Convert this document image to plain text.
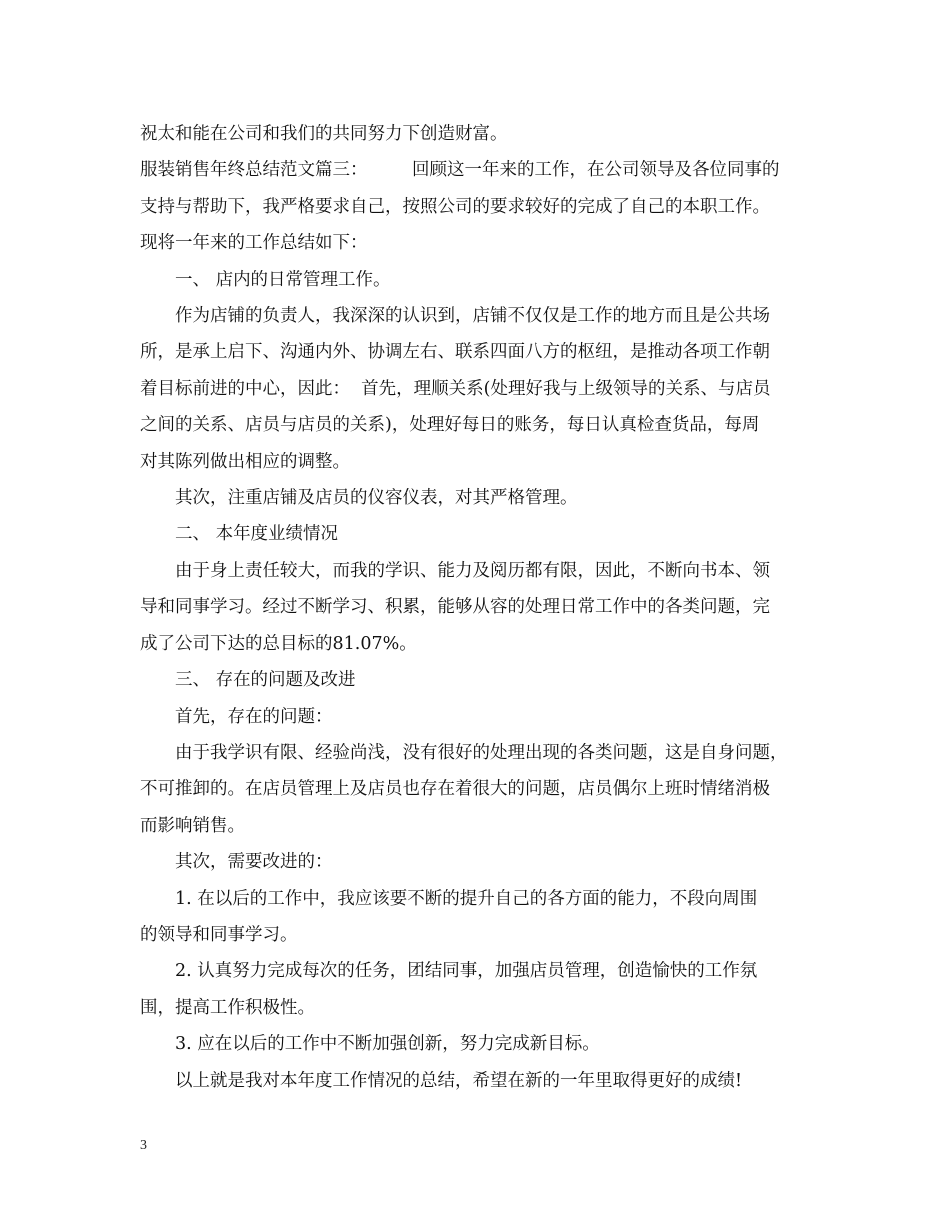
祝太和能在公司和我们的共同努力下创造财富。
服装销售年终总结范文篇三：        回顾这一年来的工作，在公司领导及各位同事的
支持与帮助下，我严格要求自己，按照公司的要求较好的完成了自己的本职工作。
现将一年来的工作总结如下：
一、 店内的日常管理工作。
作为店铺的负责人，我深深的认识到，店铺不仅仅是工作的地方而且是公共场
所，是承上启下、沟通内外、协调左右、联系四面八方的枢纽，是推动各项工作朝
着目标前进的中心，因此：  首先，理顺关系(处理好我与上级领导的关系、与店员
之间的关系、店员与店员的关系)，处理好每日的账务，每日认真检查货品，每周
对其陈列做出相应的调整。
其次，注重店铺及店员的仪容仪表，对其严格管理。
二、 本年度业绩情况
由于身上责任较大，而我的学识、能力及阅历都有限，因此，不断向书本、领
导和同事学习。经过不断学习、积累，能够从容的处理日常工作中的各类问题，完
成了公司下达的总目标的81.07%。
三、 存在的问题及改进
首先，存在的问题：
由于我学识有限、经验尚浅，没有很好的处理出现的各类问题，这是自身问题，
不可推卸的。在店员管理上及店员也存在着很大的问题，店员偶尔上班时情绪消极
而影响销售。
其次，需要改进的：
1. 在以后的工作中，我应该要不断的提升自己的各方面的能力，不段向周围
的领导和同事学习。
2. 认真努力完成每次的任务，团结同事，加强店员管理，创造愉快的工作氛
围，提高工作积极性。
3. 应在以后的工作中不断加强创新，努力完成新目标。
以上就是我对本年度工作情况的总结，希望在新的一年里取得更好的成绩!
3
